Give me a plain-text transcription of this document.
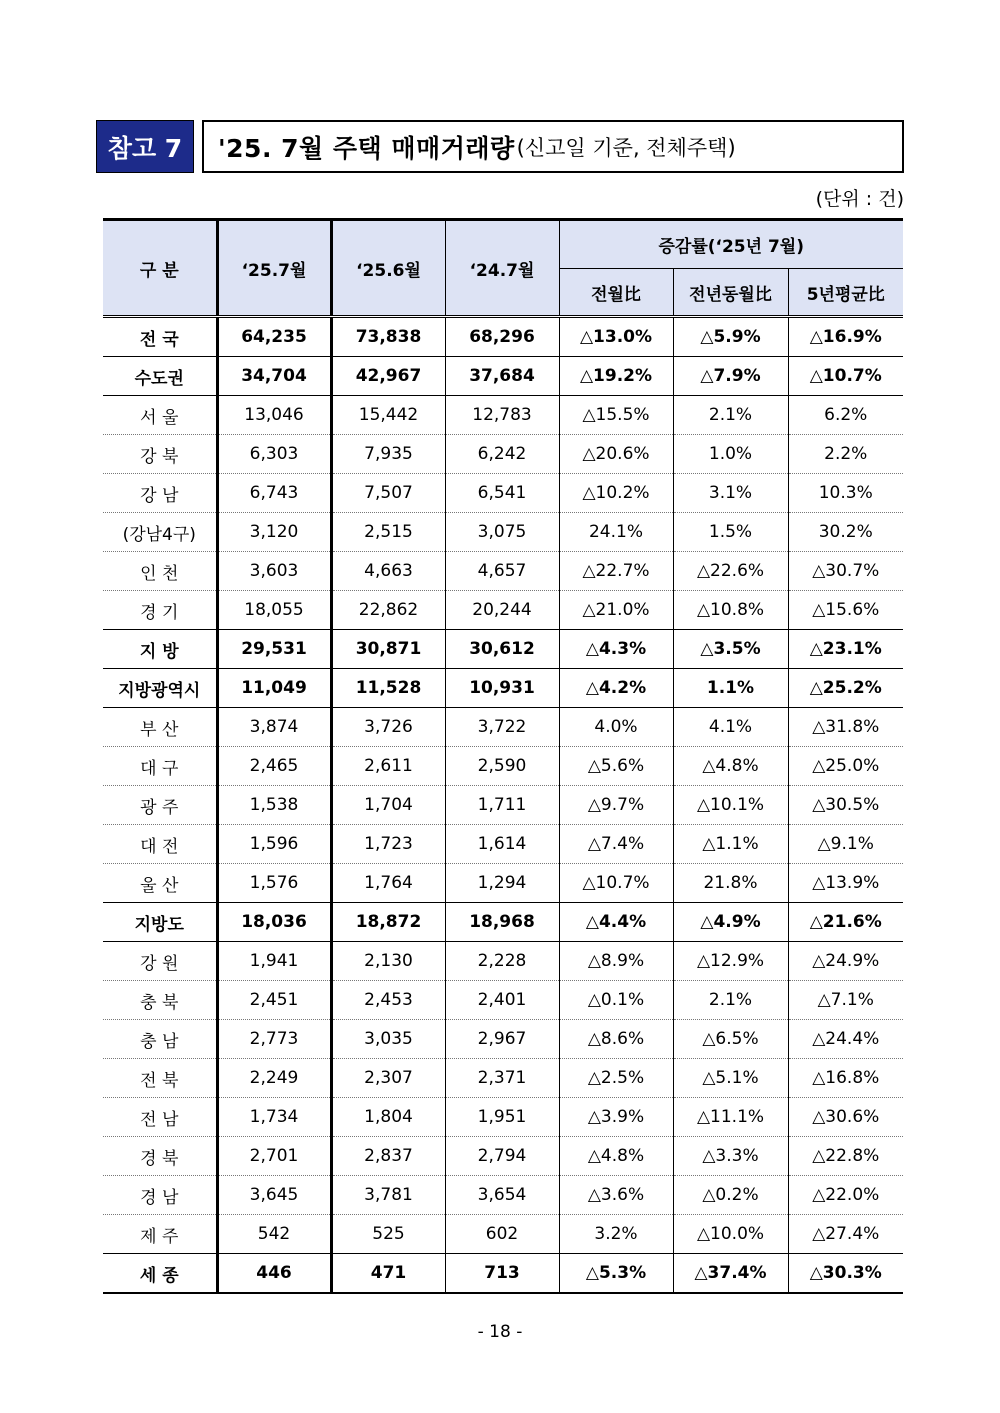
참고 7	'25. 7월 주택 매매거래량 (신고일 기준, 전체주택)
(단위 : 건)
구 분	‘25.7월	‘25.6월	‘24.7월	증감률(‘25년 7월)		
				전월比	전년동월比	5년평균比
전 국	64,235	73,838	68,296	△13.0%	△5.9%	△16.9%
수도권	34,704	42,967	37,684	△19.2%	△7.9%	△10.7%
서 울	13,046	15,442	12,783	△15.5%	2.1%	6.2%
강 북	6,303	7,935	6,242	△20.6%	1.0%	2.2%
강 남	6,743	7,507	6,541	△10.2%	3.1%	10.3%
(강남4구)	3,120	2,515	3,075	24.1%	1.5%	30.2%
인 천	3,603	4,663	4,657	△22.7%	△22.6%	△30.7%
경 기	18,055	22,862	20,244	△21.0%	△10.8%	△15.6%
지 방	29,531	30,871	30,612	△4.3%	△3.5%	△23.1%
지방광역시	11,049	11,528	10,931	△4.2%	1.1%	△25.2%
부 산	3,874	3,726	3,722	4.0%	4.1%	△31.8%
대 구	2,465	2,611	2,590	△5.6%	△4.8%	△25.0%
광 주	1,538	1,704	1,711	△9.7%	△10.1%	△30.5%
대 전	1,596	1,723	1,614	△7.4%	△1.1%	△9.1%
울 산	1,576	1,764	1,294	△10.7%	21.8%	△13.9%
지방도	18,036	18,872	18,968	△4.4%	△4.9%	△21.6%
강 원	1,941	2,130	2,228	△8.9%	△12.9%	△24.9%
충 북	2,451	2,453	2,401	△0.1%	2.1%	△7.1%
충 남	2,773	3,035	2,967	△8.6%	△6.5%	△24.4%
전 북	2,249	2,307	2,371	△2.5%	△5.1%	△16.8%
전 남	1,734	1,804	1,951	△3.9%	△11.1%	△30.6%
경 북	2,701	2,837	2,794	△4.8%	△3.3%	△22.8%
경 남	3,645	3,781	3,654	△3.6%	△0.2%	△22.0%
제 주	542	525	602	3.2%	△10.0%	△27.4%
세 종	446	471	713	△5.3%	△37.4%	△30.3%
- 18 -
